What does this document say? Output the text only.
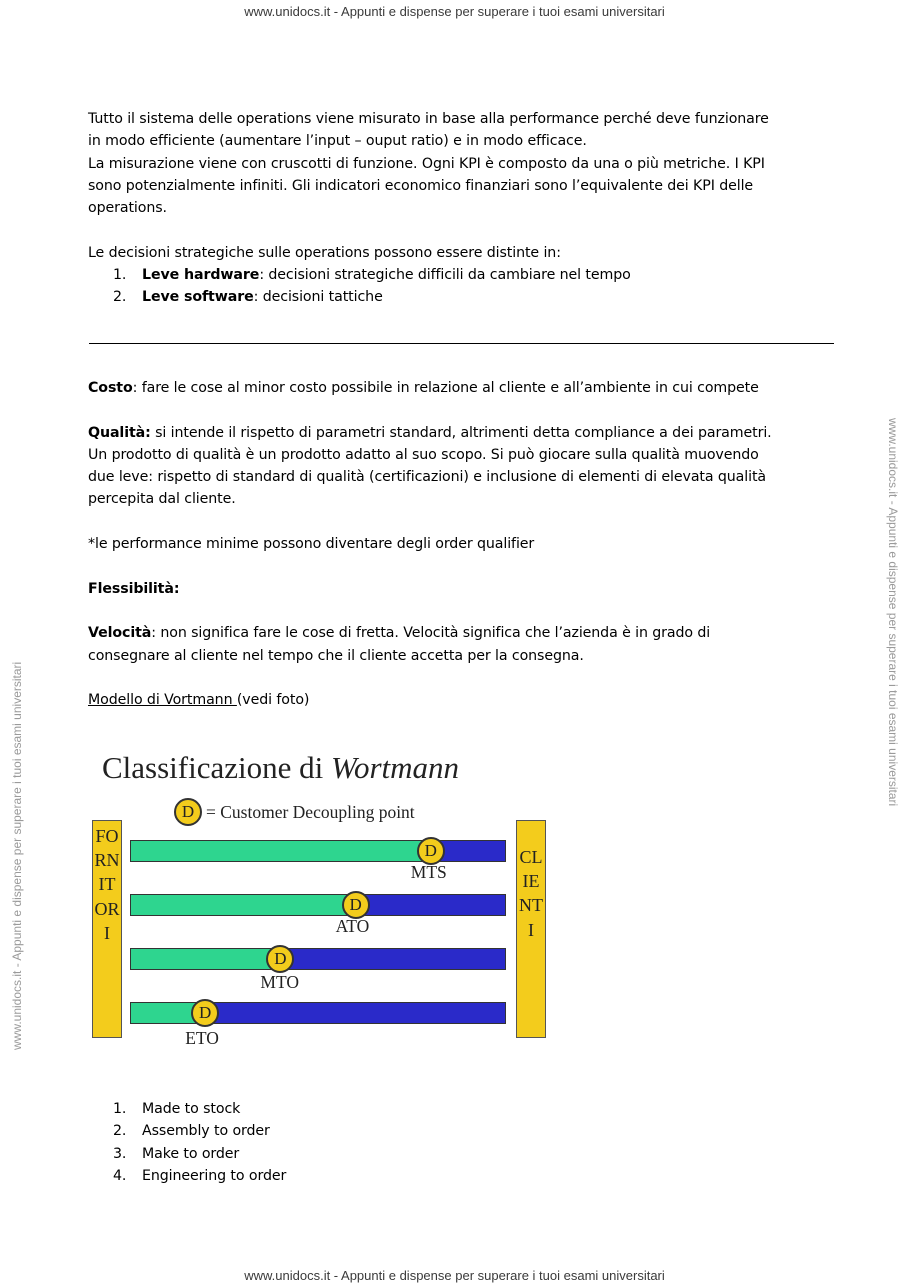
www.unidocs.it - Appunti e dispense per superare i tuoi esami universitari
www.unidocs.it - Appunti e dispense per superare i tuoi esami universitari
www.unidocs.it - Appunti e dispense per superare i tuoi esami universitari
www.unidocs.it - Appunti e dispense per superare i tuoi esami universitari

Tutto il sistema delle operations viene misurato in base alla performance perché deve funzionare

in modo efficiente (aumentare l’input – ouput ratio) e in modo efficace.

La misurazione viene con cruscotti di funzione. Ogni KPI è composto da una o più metriche. I KPI

sono potenzialmente infiniti. Gli indicatori economico finanziari sono l’equivalente dei KPI delle

operations.

Le decisioni strategiche sulle operations possono essere distinte in:

1. Leve hardware: decisioni strategiche difficili da cambiare nel tempo
2. Leve software: decisioni tattiche

Costo: fare le cose al minor costo possibile in relazione al cliente e all’ambiente in cui compete

Qualità: si intende il rispetto di parametri standard, altrimenti detta compliance a dei parametri.

Un prodotto di qualità è un prodotto adatto al suo scopo. Si può giocare sulla qualità muovendo

due leve: rispetto di standard di qualità (certificazioni) e inclusione di elementi di elevata qualità

percepita dal cliente.

*le performance minime possono diventare degli order qualifier

Flessibilità:

Velocità: non significa fare le cose di fretta. Velocità significa che l’azienda è in grado di

consegnare al cliente nel tempo che il cliente accetta per la consegna.

Modello di Vortmann (vedi foto)

Classificazione di Wortmann
D = Customer Decoupling point
FORNITORI
CLIENTI
D
MTS
D
ATO
D
MTO
D
ETO
1. Made to stock
2. Assembly to order
3. Make to order
4. Engineering to order
